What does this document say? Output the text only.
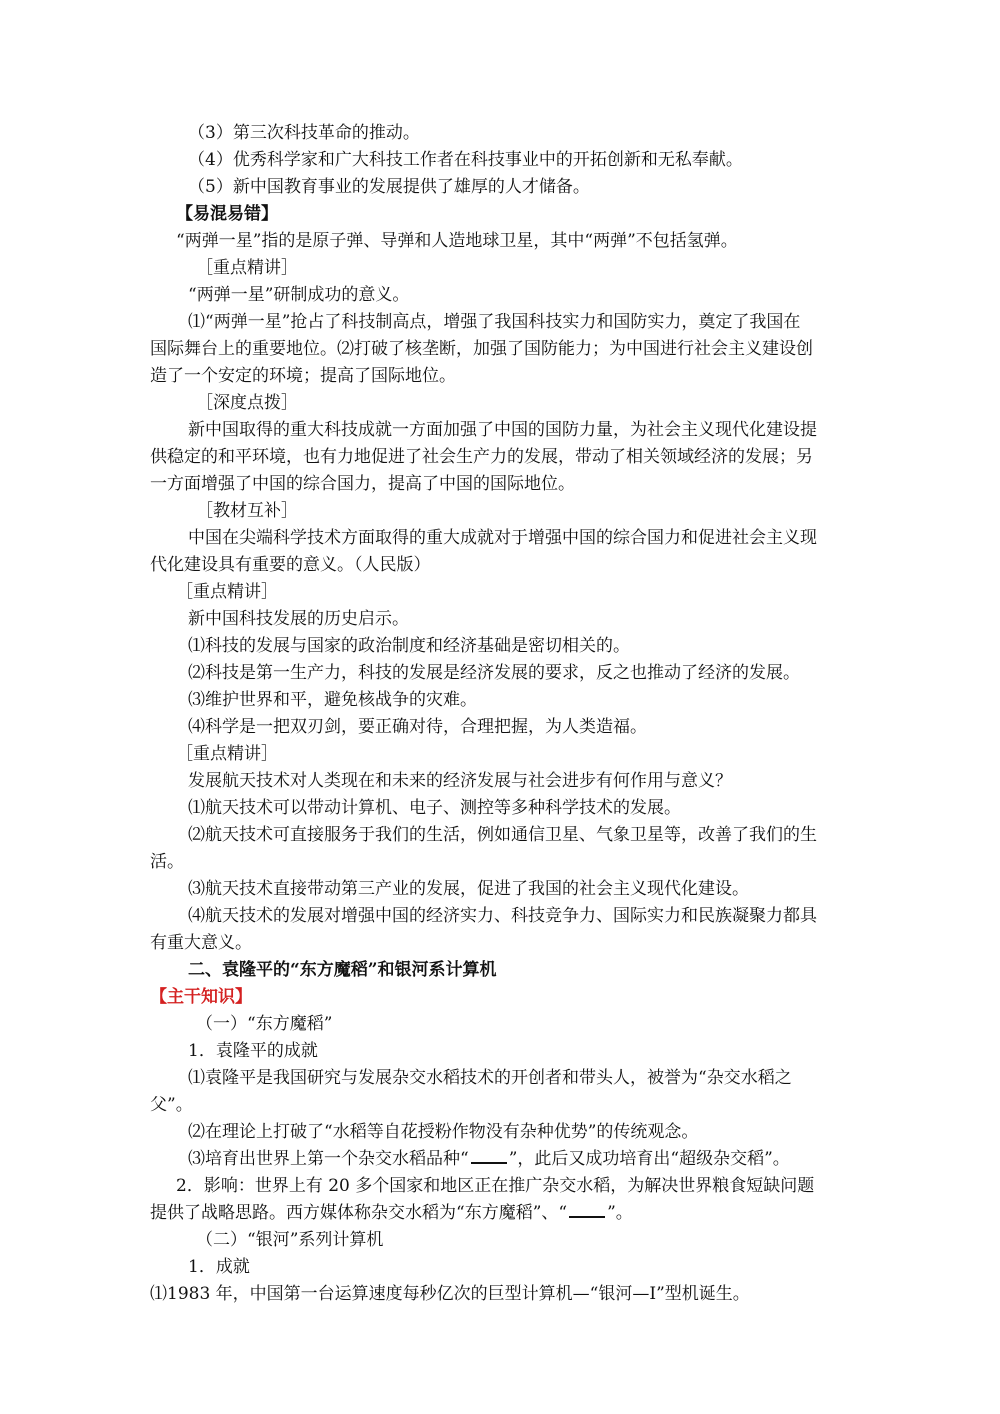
（3）第三次科技革命的推动。
（4）优秀科学家和广大科技工作者在科技事业中的开拓创新和无私奉献。
（5）新中国教育事业的发展提供了雄厚的人才储备。
【易混易错】
“两弹一星”指的是原子弹、导弹和人造地球卫星，其中“两弹”不包括氢弹。
［重点精讲］
“两弹一星”研制成功的意义。
⑴“两弹一星”抢占了科技制高点，增强了我国科技实力和国防实力，奠定了我国在
国际舞台上的重要地位。⑵打破了核垄断，加强了国防能力；为中国进行社会主义建设创
造了一个安定的环境；提高了国际地位。
［深度点拨］
新中国取得的重大科技成就一方面加强了中国的国防力量，为社会主义现代化建设提
供稳定的和平环境，也有力地促进了社会生产力的发展，带动了相关领域经济的发展；另
一方面增强了中国的综合国力，提高了中国的国际地位。
［教材互补］
中国在尖端科学技术方面取得的重大成就对于增强中国的综合国力和促进社会主义现
代化建设具有重要的意义。（人民版）
［重点精讲］
新中国科技发展的历史启示。
⑴科技的发展与国家的政治制度和经济基础是密切相关的。
⑵科技是第一生产力，科技的发展是经济发展的要求，反之也推动了经济的发展。
⑶维护世界和平，避免核战争的灾难。
⑷科学是一把双刃剑，要正确对待，合理把握，为人类造福。
［重点精讲］
发展航天技术对人类现在和未来的经济发展与社会进步有何作用与意义？
⑴航天技术可以带动计算机、电子、测控等多种科学技术的发展。
⑵航天技术可直接服务于我们的生活，例如通信卫星、气象卫星等，改善了我们的生
活。
⑶航天技术直接带动第三产业的发展，促进了我国的社会主义现代化建设。
⑷航天技术的发展对增强中国的经济实力、科技竞争力、国际实力和民族凝聚力都具
有重大意义。
二、袁隆平的“东方魔稻”和银河系计算机
【主干知识】
（一）“东方魔稻”
1．袁隆平的成就
⑴袁隆平是我国研究与发展杂交水稻技术的开创者和带头人，被誉为“杂交水稻之
父”。
⑵在理论上打破了“水稻等自花授粉作物没有杂种优势”的传统观念。
⑶培育出世界上第一个杂交水稻品种“ ”，此后又成功培育出“超级杂交稻”。
2．影响：世界上有 20 多个国家和地区正在推广杂交水稻，为解决世界粮食短缺问题
提供了战略思路。西方媒体称杂交水稻为“东方魔稻”、“ ”。
（二）“银河”系列计算机
1．成就
⑴1983 年，中国第一台运算速度每秒亿次的巨型计算机—“银河—Ⅰ”型机诞生。
